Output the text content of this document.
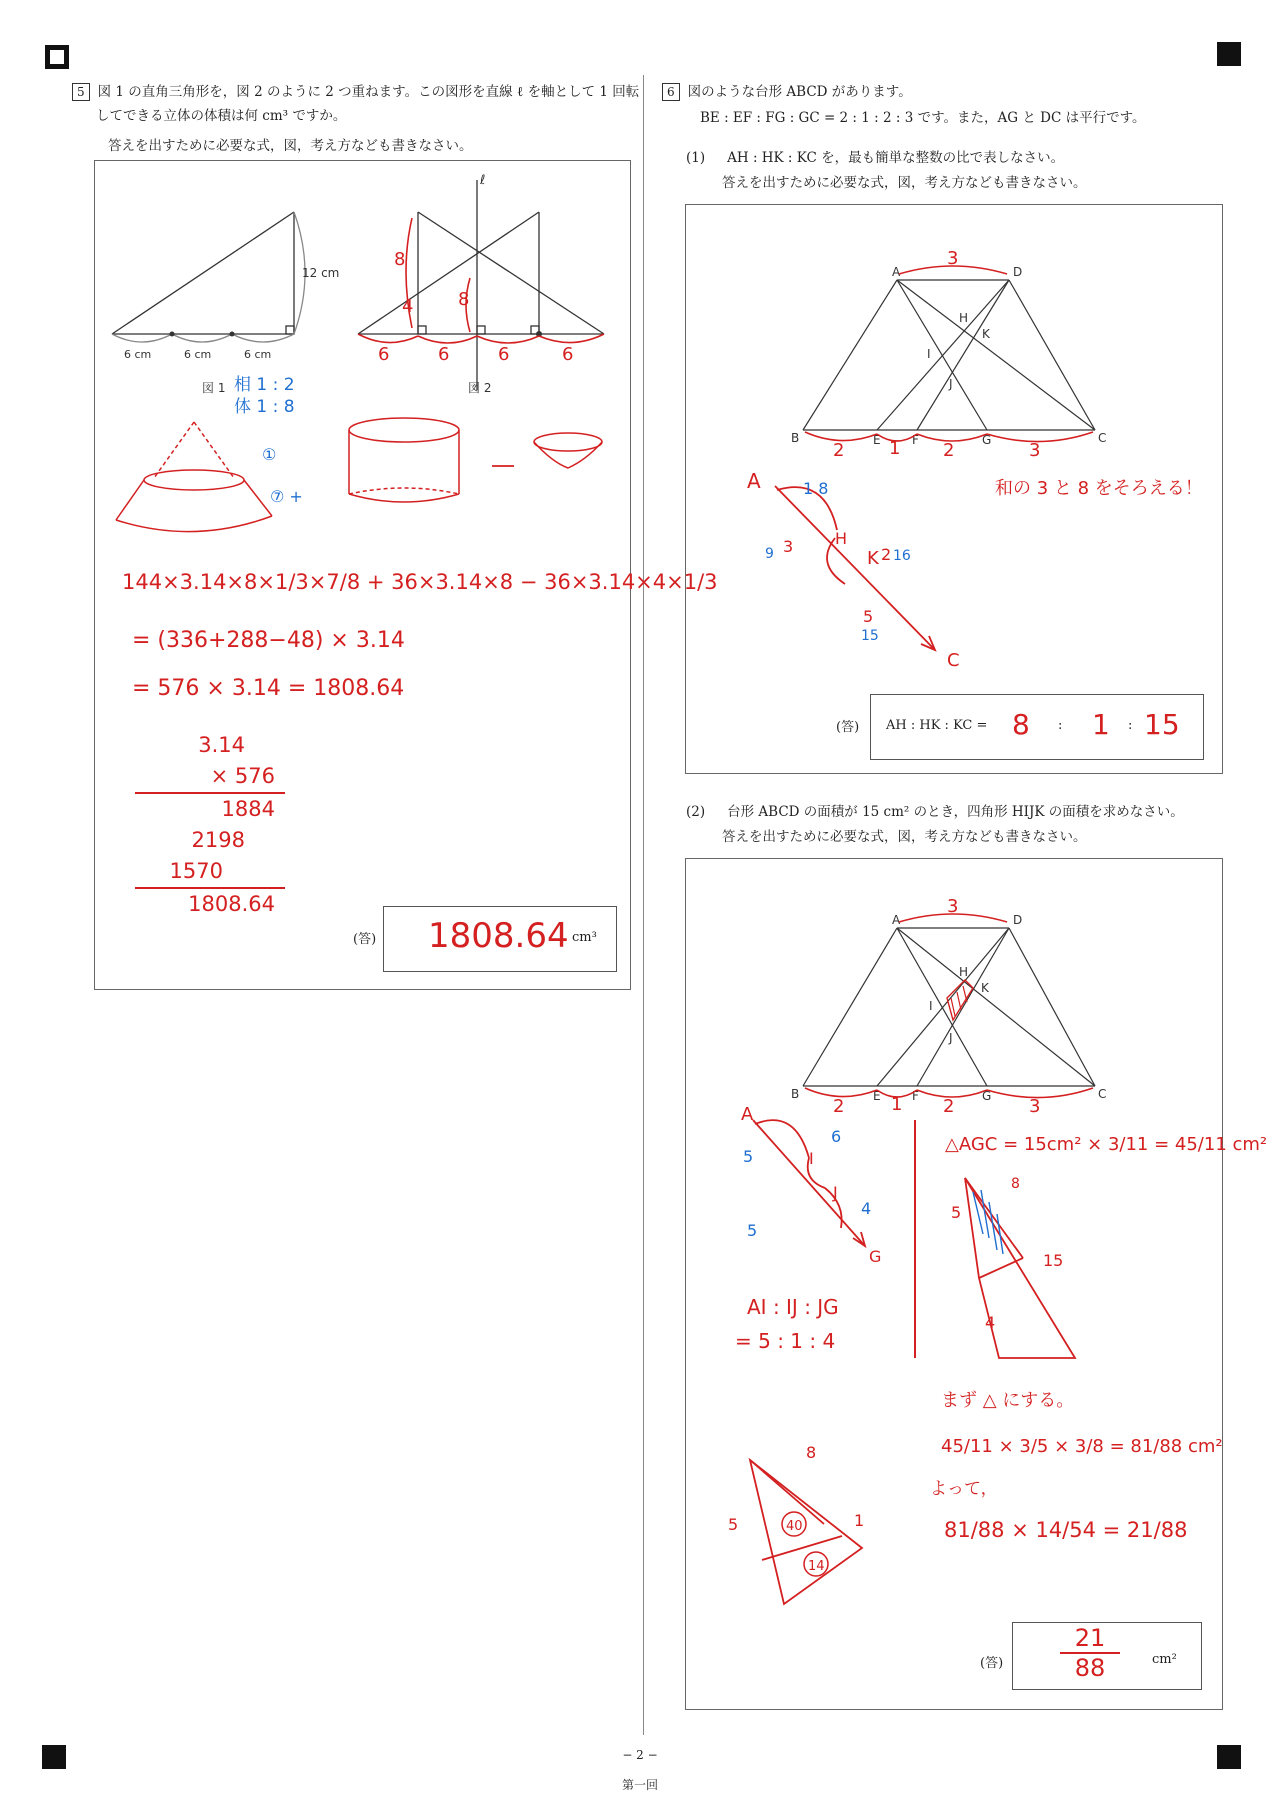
5 図 1 の直角三角形を，図 2 のように 2 つ重ねます。この図形を直線 ℓ を軸として 1 回転
してできる立体の体積は何 cm³ ですか。
答えを出すために必要な式，図，考え方なども書きなさい。
12 cm
6 cm	6 cm	6 cm
図 1
ℓ
図 2
8
8
4
6	6	6	6
相 1 : 2
体 1 : 8
①
⑦ +
144×3.14×8×1/3×7/8 + 36×3.14×8 − 36×3.14×4×1/3
= (336+288−48) × 3.14
= 576 × 3.14 = 1808.64
3.14
× 576
1884
2198
1570
1808.64
(答) 1808.64 cm³
6 図のような台形 ABCD があります。
BE : EF : FG : GC = 2 : 1 : 2 : 3 です。また，AG と DC は平行です。
(1) AH : HK : KC を，最も簡単な整数の比で表しなさい。
答えを出すために必要な式，図，考え方なども書きなさい。
A	D
B	E	F	G	C
H
K
I
J
3
2 1 2	3
A
H
K
C
3	2
5
1 8
9	16
15
和の 3 と 8 をそろえる！
(答) AH : HK : KC = 8 : 1 : 15
(2) 台形 ABCD の面積が 15 cm² のとき，四角形 HIJK の面積を求めなさい。
答えを出すために必要な式，図，考え方なども書きなさい。
A	D
B	E	F	G	C
H
K
I
J
3
2	1 2	3
A
I
J
G
5
6
4
5
AI : IJ : JG
= 5 : 1 : 4
△AGC = 15cm² × 3/11 = 45/11 cm²
5
8
15
4
まず △ にする。
45/11 × 3/5 × 3/8 = 81/88 cm²
40
14
5
8
1
よって，
81/88 × 14/54 = 21/88
(答) $\frac{21}{88} cm^2$
− 2 −
第一回
